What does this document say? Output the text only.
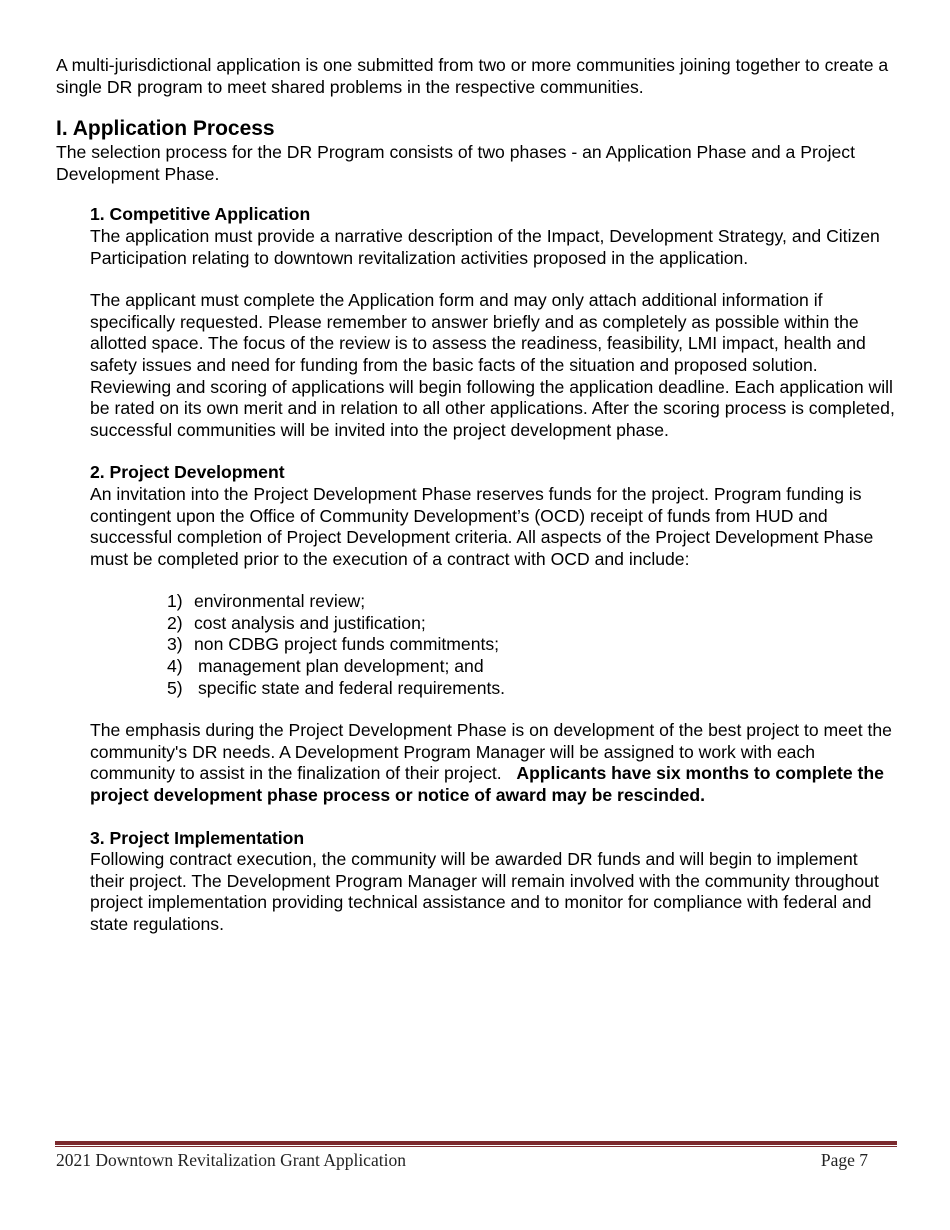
A multi-jurisdictional application is one submitted from two or more communities joining together to create a single DR program to meet shared problems in the respective communities.

I. Application Process

The selection process for the DR Program consists of two phases - an Application Phase and a Project Development Phase.

1. Competitive Application

The application must provide a narrative description of the Impact, Development Strategy, and Citizen Participation relating to downtown revitalization activities proposed in the application.

The applicant must complete the Application form and may only attach additional information if specifically requested. Please remember to answer briefly and as completely as possible within the allotted space. The focus of the review is to assess the readiness, feasibility, LMI impact, health and safety issues and need for funding from the basic facts of the situation and proposed solution. Reviewing and scoring of applications will begin following the application deadline. Each application will be rated on its own merit and in relation to all other applications. After the scoring process is completed, successful communities will be invited into the project development phase.

2. Project Development

An invitation into the Project Development Phase reserves funds for the project. Program funding is contingent upon the Office of Community Development’s (OCD) receipt of funds from HUD and successful completion of Project Development criteria. All aspects of the Project Development Phase must be completed prior to the execution of a contract with OCD and include:

1) environmental review;
2) cost analysis and justification;
3) non CDBG project funds commitments;
4) management plan development; and
5) specific state and federal requirements.

The emphasis during the Project Development Phase is on development of the best project to meet the community's DR needs. A Development Program Manager will be assigned to work with each community to assist in the finalization of their project. Applicants have six months to complete the project development phase process or notice of award may be rescinded.

3. Project Implementation

Following contract execution, the community will be awarded DR funds and will begin to implement their project. The Development Program Manager will remain involved with the community throughout project implementation providing technical assistance and to monitor for compliance with federal and state regulations.

2021 Downtown Revitalization Grant Application	Page 7
